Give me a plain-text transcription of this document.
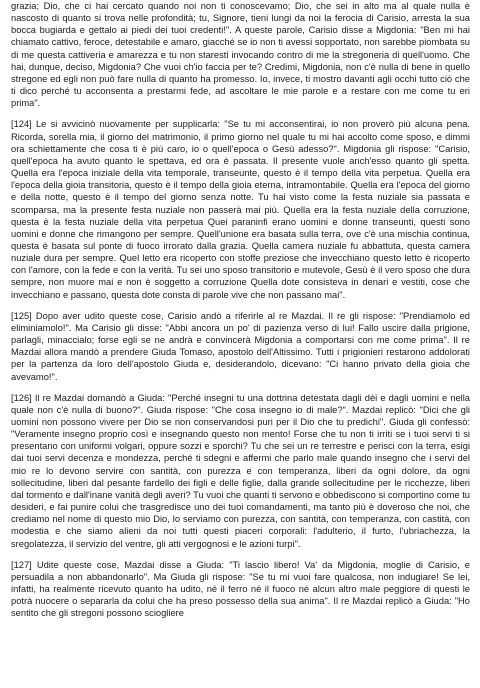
grazia; Dio, che ci hai cercato quando noi non ti conoscevamo; Dio, che sei in alto ma al quale nulla è nascosto di quanto si trova nelle profondità; tu, Signore, tieni lungi da noi la ferocia di Carisio, arresta la sua bocca bugiarda e gettalo ai piedi dei tuoi credenti!". A queste parole, Carisio disse a Migdonia: "Ben mi hai chiamato cattivo, feroce, detestabile e amaro, giacché se io non ti avessi sopportato, non sarebbe piombata su di me questa cattiveria e amarezza e tu non staresti invocando contro di me la stregoneria di quell'uomo. Che hai, dunque, deciso, Migdonia? Che vuoi ch'io faccia per te? Credimi, Migdonia, non c'è nulla di bene in quello stregone ed egli non può fare nulla di quanto ha promesso. Io, invece, ti mostro davanti agli occhi tutto ciò che ti dico perché tu acconsenta a prestarmi fede, ad ascoltare le mie parole e a restare con me come tu eri prima".

[124] Le si avvicinò nuovamente per supplicarla: "Se tu mi acconsentirai, io non proverò più alcuna pena. Ricorda, sorella mia, il giorno del matrimonio, il primo giorno nel quale tu mi hai accolto come sposo, e dimmi ora schiettamente che cosa ti è più caro, io o quell'epoca o Gesù adesso?". Migdonia gli rispose: "Carisio, quell'epoca ha avuto quanto le spettava, ed ora è passata. Il presente vuole anch'esso quanto gli spetta. Quella era l'epoca iniziale della vita temporale, transeunte, questo è il tempo della vita perpetua. Quella era l'epoca della gioia transitoria, questo è il tempo della gioia eterna, intramontabile. Quella era l'epoca del giorno e della notte, questo è il tempo del giorno senza notte. Tu hai visto come la festa nuziale sia passata e scomparsa, ma la presente festa nuziale non passerà mai più. Quella era la festa nuziale della corruzione, questa è la festa nuziale della vita perpetua Quei paraninfi erano uomini e donne transeunti, questi sono uomini e donne che rimangono per sempre. Quell'unione era basata sulla terra, ove c'è una mischia continua, questa è basata sul ponte di fuoco irrorato dalla grazia. Quella camera nuziale fu abbattuta, questa camera nuziale dura per sempre. Quel letto era ricoperto con stoffe preziose che invecchiano questo letto è ricoperto con l'amore, con la fede e con la verità. Tu sei uno sposo transitorio e mutevole, Gesù è il vero sposo che dura sempre, non muore mai e non è soggetto a corruzione Quella dote consisteva in denari e vestiti, cose che invecchiano e passano, questa dote consta di parole vive che non passano mai".

[125] Dopo aver udito queste cose, Carisio andò a riferirle al re Mazdai. Il re gli rispose: "Prendiamolo ed eliminiamolo!". Ma Carisio gli disse: "Abbi ancora un po' di pazienza verso di lui! Fallo uscire dalla prigione, parlagli, minaccialo; forse egli se ne andrà e convincerà Migdonia a comportarsi con me come prima". Il re Mazdai allora mandò a prendere Giuda Tomaso, apostolo dell'Altissimo. Tutti i prigionieri restarono addolorati per la partenza da loro dell'apostolo Giuda e, desiderandolo, dicevano: "Ci hanno privato della gioia che avevamo!".

[126] Il re Mazdai domandò a Giuda: "Perché insegni tu una dottrina detestata dagli dèi e dagli uomini e nella quale non c'è nulla di buono?". Giuda rispose: "Che cosa insegno io di male?". Mazdai replicò: "Dici che gli uomini non possono vivere per Dio se non conservandosi puri per il Dio che tu predichi". Giuda gli confessò: "Veramente insegno proprio così e insegnando questo non mento! Forse che tu non ti irriti se i tuoi servi ti si presentano con uniformi volgari, oppure sozzi e sporchi? Tu che sei un re terrestre e perisci con la terra, esigi dai tuoi servi decenza e mondezza, perché ti sdegni e affermi che parlo male quando insegno che i servi del mio re lo devono servire con santità, con purezza e con temperanza, liberi da ogni dolore, da ogni sollecitudine, liberi dal pesante fardello dei figli e delle figlie, dalla grande sollecitudine per le ricchezze, liberi dal tormento e dall'inane vanità degli averi? Tu vuoi che quanti ti servono e obbediscono si comportino come tu desideri, e fai punire colui che trasgredisce uno dei tuoi comandamenti, ma tanto più è doveroso che noi, che crediamo nel nome di questo mio Dio, lo serviamo con purezza, con santità, con temperanza, con castità, con modestia e che siamo alieni da noi tutti questi piaceri corporali: l'adulterio, il furto, l'ubriachezza, la sregolatezza, il servizio del ventre, gli atti vergognosi e le azioni turpi".

[127] Udite queste cose, Mazdai disse a Giuda: "Ti lascio libero! Va' da Migdonia, moglie di Carisio, e persuadila a non abbandonarlo". Ma Giuda gli rispose: "Se tu mi vuoi fare qualcosa, non indugiare! Se lei, infatti, ha realmente ricevuto quanto ha udito, né il ferro né il fuoco né alcun altro male peggiore di questi le potrà nuocere o separarla da colui che ha preso possesso della sua anima". Il re Mazdai replicò a Giuda: "Ho sentito che gli stregoni possono sciogliere
